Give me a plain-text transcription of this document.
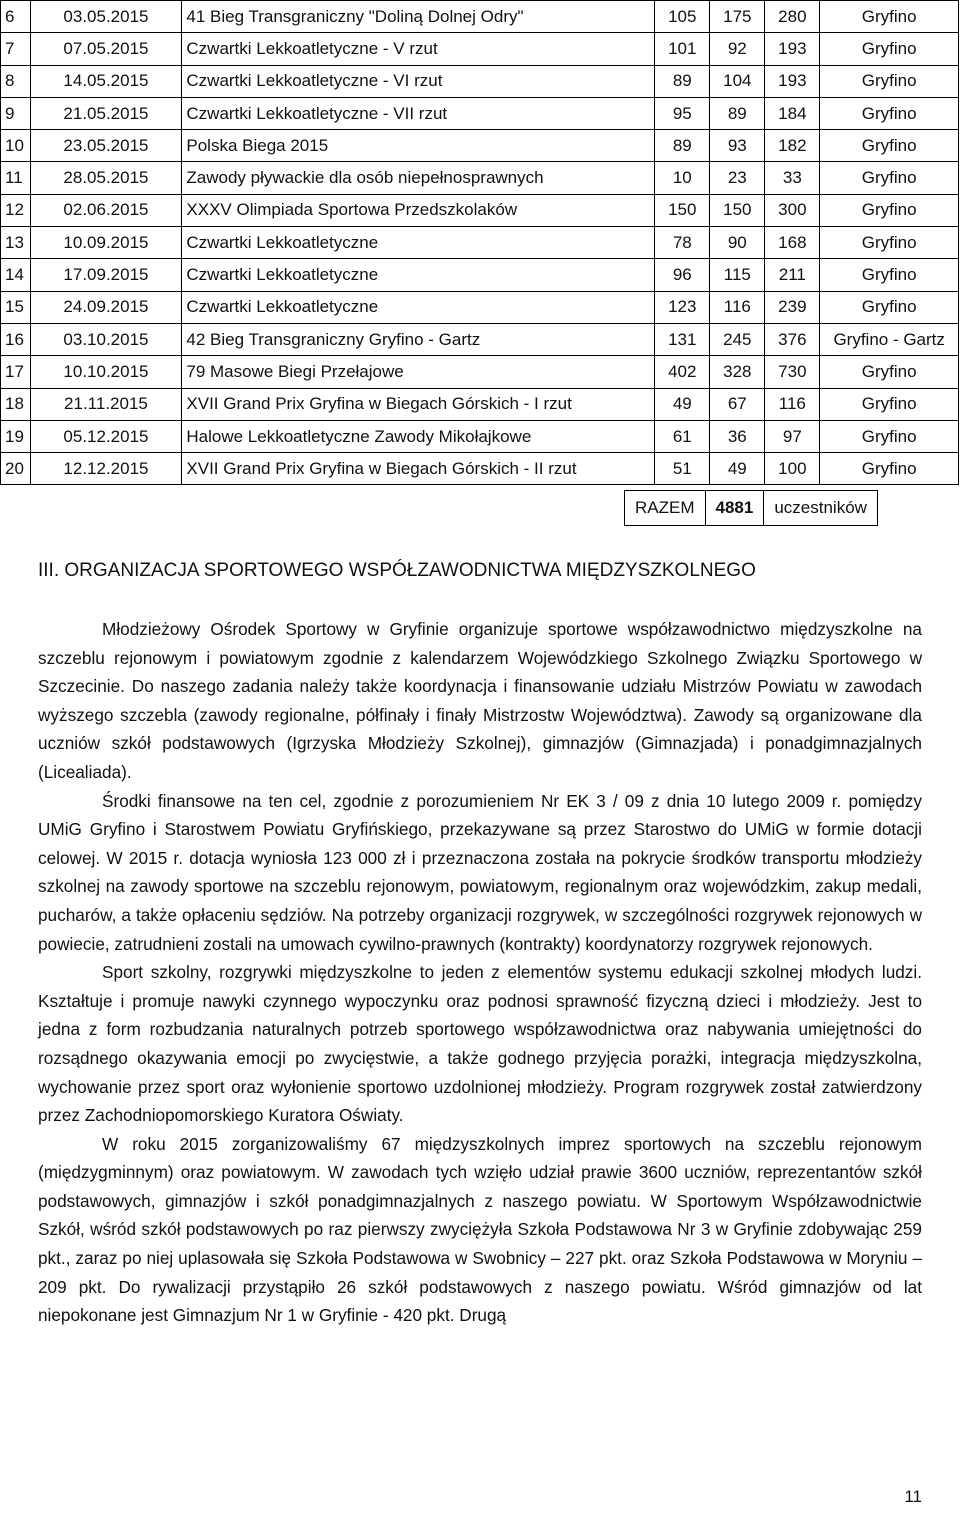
6	03.05.2015	41 Bieg Transgraniczny "Doliną Dolnej Odry"	105	175	280	Gryfino
7	07.05.2015	Czwartki Lekkoatletyczne - V rzut	101	92	193	Gryfino
8	14.05.2015	Czwartki Lekkoatletyczne - VI rzut	89	104	193	Gryfino
9	21.05.2015	Czwartki Lekkoatletyczne - VII rzut	95	89	184	Gryfino
10	23.05.2015	Polska Biega 2015	89	93	182	Gryfino
11	28.05.2015	Zawody pływackie dla osób niepełnosprawnych	10	23	33	Gryfino
12	02.06.2015	XXXV Olimpiada Sportowa Przedszkolaków	150	150	300	Gryfino
13	10.09.2015	Czwartki Lekkoatletyczne	78	90	168	Gryfino
14	17.09.2015	Czwartki Lekkoatletyczne	96	115	211	Gryfino
15	24.09.2015	Czwartki Lekkoatletyczne	123	116	239	Gryfino
16	03.10.2015	42 Bieg Transgraniczny Gryfino - Gartz	131	245	376	Gryfino - Gartz
17	10.10.2015	79 Masowe Biegi Przełajowe	402	328	730	Gryfino
18	21.11.2015	XVII Grand Prix Gryfina w Biegach Górskich - I rzut	49	67	116	Gryfino
19	05.12.2015	Halowe Lekkoatletyczne Zawody Mikołajkowe	61	36	97	Gryfino
20	12.12.2015	XVII Grand Prix Gryfina w Biegach Górskich - II rzut	51	49	100	Gryfino
RAZEM	4881	uczestników
III. ORGANIZACJA SPORTOWEGO WSPÓŁZAWODNICTWA MIĘDZYSZKOLNEGO

Młodzieżowy Ośrodek Sportowy w Gryfinie organizuje sportowe współzawodnictwo międzyszkolne na szczeblu rejonowym i powiatowym zgodnie z kalendarzem Wojewódzkiego Szkolnego Związku Sportowego w Szczecinie. Do naszego zadania należy także koordynacja i finansowanie udziału Mistrzów Powiatu w zawodach wyższego szczebla (zawody regionalne, półfinały i finały Mistrzostw Województwa). Zawody są organizowane dla uczniów szkół podstawowych (Igrzyska Młodzieży Szkolnej), gimnazjów (Gimnazjada) i ponadgimnazjalnych (Licealiada).

Środki finansowe na ten cel, zgodnie z porozumieniem Nr EK 3 / 09 z dnia 10 lutego 2009 r. pomiędzy UMiG Gryfino i Starostwem Powiatu Gryfińskiego, przekazywane są przez Starostwo do UMiG w formie dotacji celowej. W 2015 r. dotacja wyniosła 123 000 zł i przeznaczona została na pokrycie środków transportu młodzieży szkolnej na zawody sportowe na szczeblu rejonowym, powiatowym, regionalnym oraz wojewódzkim, zakup medali, pucharów, a także opłaceniu sędziów. Na potrzeby organizacji rozgrywek, w szczególności rozgrywek rejonowych w powiecie, zatrudnieni zostali na umowach cywilno-prawnych (kontrakty) koordynatorzy rozgrywek rejonowych.

Sport szkolny, rozgrywki międzyszkolne to jeden z elementów systemu edukacji szkolnej młodych ludzi. Kształtuje i promuje nawyki czynnego wypoczynku oraz podnosi sprawność fizyczną dzieci i młodzieży. Jest to jedna z form rozbudzania naturalnych potrzeb sportowego współzawodnictwa oraz nabywania umiejętności do rozsądnego okazywania emocji po zwycięstwie, a także godnego przyjęcia porażki, integracja międzyszkolna, wychowanie przez sport oraz wyłonienie sportowo uzdolnionej młodzieży. Program rozgrywek został zatwierdzony przez Zachodniopomorskiego Kuratora Oświaty.

W roku 2015 zorganizowaliśmy 67 międzyszkolnych imprez sportowych na szczeblu rejonowym (międzygminnym) oraz powiatowym. W zawodach tych wzięło udział prawie 3600 uczniów, reprezentantów szkół podstawowych, gimnazjów i szkół ponadgimnazjalnych z naszego powiatu. W Sportowym Współzawodnictwie Szkół, wśród szkół podstawowych po raz pierwszy zwyciężyła Szkoła Podstawowa Nr 3 w Gryfinie zdobywając 259 pkt., zaraz po niej uplasowała się Szkoła Podstawowa w Swobnicy – 227 pkt. oraz Szkoła Podstawowa w Moryniu – 209 pkt. Do rywalizacji przystąpiło 26 szkół podstawowych z naszego powiatu. Wśród gimnazjów od lat niepokonane jest Gimnazjum Nr 1 w Gryfinie - 420 pkt. Drugą

11
